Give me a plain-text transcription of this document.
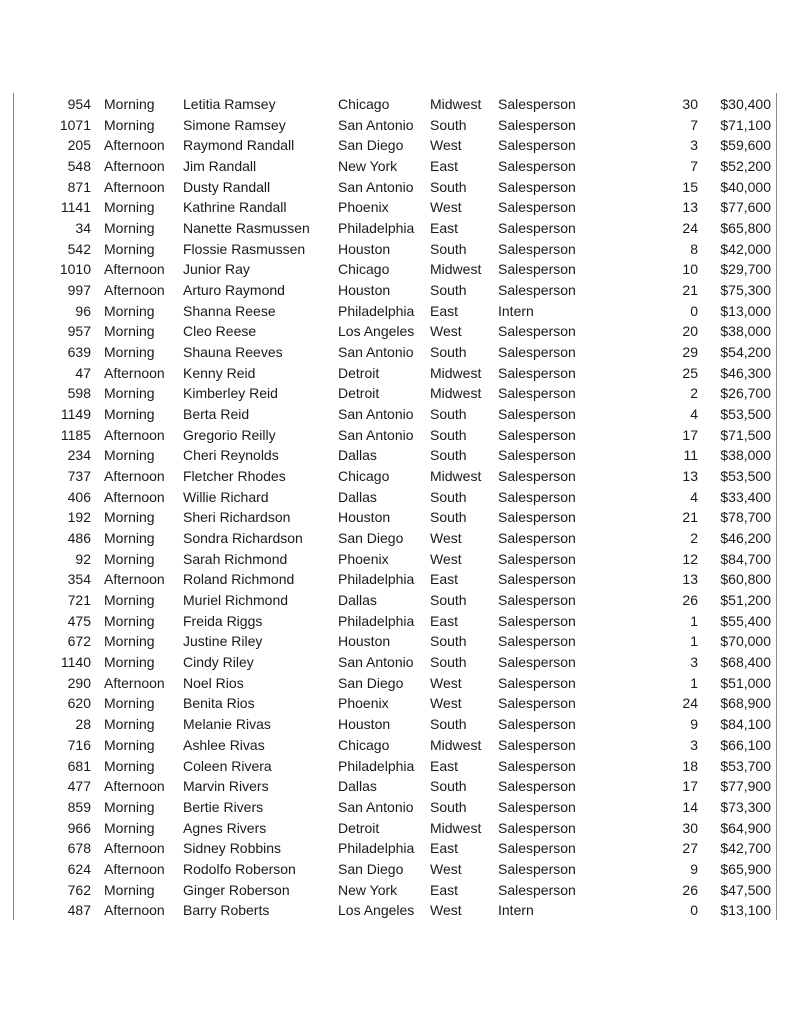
954 Morning Letitia Ramsey	Chicago	Midwest Salesperson	30 $30,400
1071 Morning Simone Ramsey	San Antonio South Salesperson	7 $71,100
205 Afternoon Raymond Randall	San Diego West	Salesperson	3 $59,600
548 Afternoon Jim Randall	New York East	Salesperson	7 $52,200
871 Afternoon Dusty Randall	San Antonio South Salesperson	15 $40,000
1141 Morning Kathrine Randall	Phoenix	West	Salesperson	13 $77,600
34 Morning Nanette Rasmussen Philadelphia East	Salesperson	24 $65,800
542 Morning Flossie Rasmussen Houston	South Salesperson	8 $42,000
1010 Afternoon Junior Ray	Chicago	Midwest Salesperson	10 $29,700
997 Afternoon Arturo Raymond	Houston	South Salesperson	21 $75,300
96 Morning Shanna Reese	Philadelphia East	Intern	0 $13,000
957 Morning Cleo Reese	Los Angeles West	Salesperson	20 $38,000
639 Morning Shauna Reeves	San Antonio South Salesperson	29 $54,200
47 Afternoon Kenny Reid	Detroit	Midwest Salesperson	25 $46,300
598 Morning Kimberley Reid	Detroit	Midwest Salesperson	2 $26,700
1149 Morning Berta Reid	San Antonio South Salesperson	4 $53,500
1185 Afternoon Gregorio Reilly	San Antonio South Salesperson	17 $71,500
234 Morning Cheri Reynolds	Dallas	South Salesperson	11 $38,000
737 Afternoon Fletcher Rhodes	Chicago	Midwest Salesperson	13 $53,500
406 Afternoon Willie Richard	Dallas	South Salesperson	4 $33,400
192 Morning Sheri Richardson	Houston	South Salesperson	21 $78,700
486 Morning Sondra Richardson	San Diego West	Salesperson	2 $46,200
92 Morning Sarah Richmond	Phoenix	West	Salesperson	12 $84,700
354 Afternoon Roland Richmond	Philadelphia East	Salesperson	13 $60,800
721 Morning Muriel Richmond	Dallas	South Salesperson	26 $51,200
475 Morning Freida Riggs	Philadelphia East	Salesperson	1 $55,400
672 Morning Justine Riley	Houston	South Salesperson	1 $70,000
1140 Morning Cindy Riley	San Antonio South Salesperson	3 $68,400
290 Afternoon Noel Rios	San Diego West	Salesperson	1 $51,000
620 Morning Benita Rios	Phoenix	West	Salesperson	24 $68,900
28 Morning Melanie Rivas	Houston	South Salesperson	9 $84,100
716 Morning Ashlee Rivas	Chicago	Midwest Salesperson	3 $66,100
681 Morning Coleen Rivera	Philadelphia East	Salesperson	18 $53,700
477 Afternoon Marvin Rivers	Dallas	South Salesperson	17 $77,900
859 Morning Bertie Rivers	San Antonio South Salesperson	14 $73,300
966 Morning Agnes Rivers	Detroit	Midwest Salesperson	30 $64,900
678 Afternoon Sidney Robbins	Philadelphia East	Salesperson	27 $42,700
624 Afternoon Rodolfo Roberson	San Diego West	Salesperson	9 $65,900
762 Morning Ginger Roberson	New York East	Salesperson	26 $47,500
487 Afternoon Barry Roberts	Los Angeles West	Intern	0 $13,100
